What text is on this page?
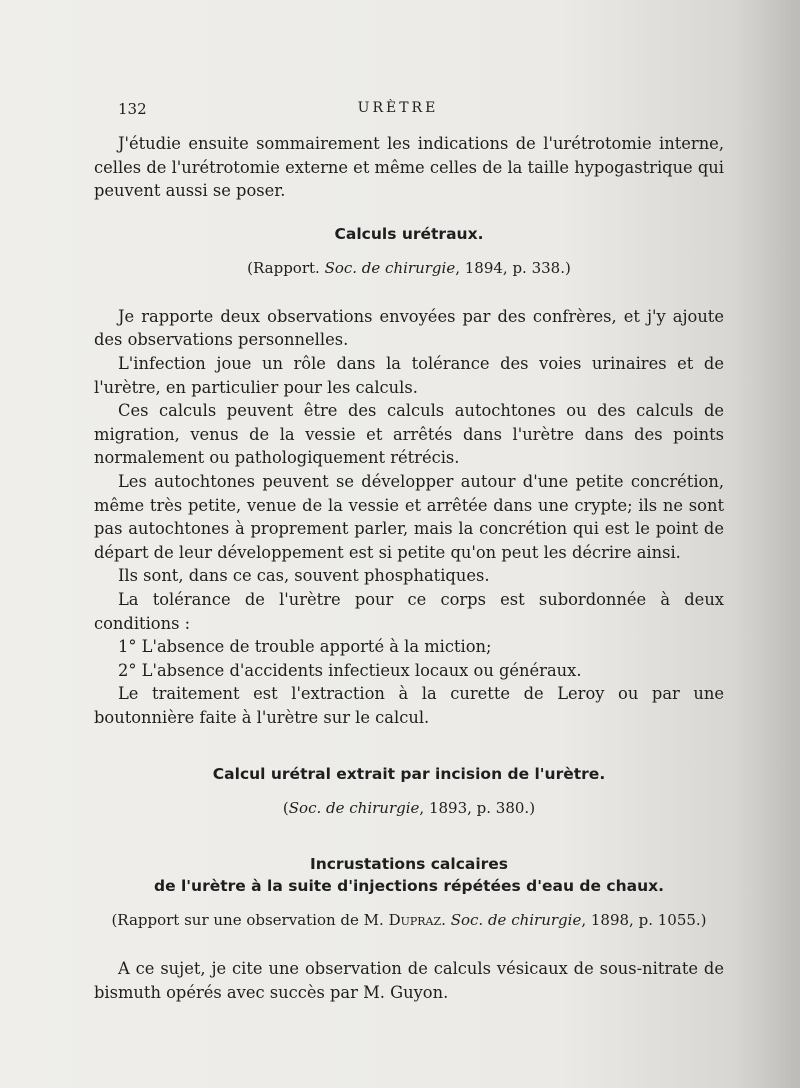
132	URÈTRE

J'étudie ensuite sommairement les indications de l'urétrotomie interne, celles de l'urétrotomie externe et même celles de la taille hypogastrique qui peuvent aussi se poser.

Calculs urétraux.
(Rapport. Soc. de chirurgie, 1894, p. 338.)

Je rapporte deux observations envoyées par des confrères, et j'y ajoute des observations personnelles.

L'infection joue un rôle dans la tolérance des voies urinaires et de l'urètre, en particulier pour les calculs.

Ces calculs peuvent être des calculs autochtones ou des calculs de migration, venus de la vessie et arrêtés dans l'urètre dans des points normalement ou pathologiquement rétrécis.

Les autochtones peuvent se développer autour d'une petite concrétion, même très petite, venue de la vessie et arrêtée dans une crypte; ils ne sont pas autochtones à proprement parler, mais la concrétion qui est le point de départ de leur développement est si petite qu'on peut les décrire ainsi.

Ils sont, dans ce cas, souvent phosphatiques.

La tolérance de l'urètre pour ce corps est subordonnée à deux conditions :

1° L'absence de trouble apporté à la miction;

2° L'absence d'accidents infectieux locaux ou généraux.

Le traitement est l'extraction à la curette de Leroy ou par une boutonnière faite à l'urètre sur le calcul.

Calcul urétral extrait par incision de l'urètre.
(Soc. de chirurgie, 1893, p. 380.)
Incrustations calcaires
de l'urètre à la suite d'injections répétées d'eau de chaux.
(Rapport sur une observation de M. Dupraz. Soc. de chirurgie, 1898, p. 1055.)

A ce sujet, je cite une observation de calculs vésicaux de sous-nitrate de bismuth opérés avec succès par M. Guyon.
